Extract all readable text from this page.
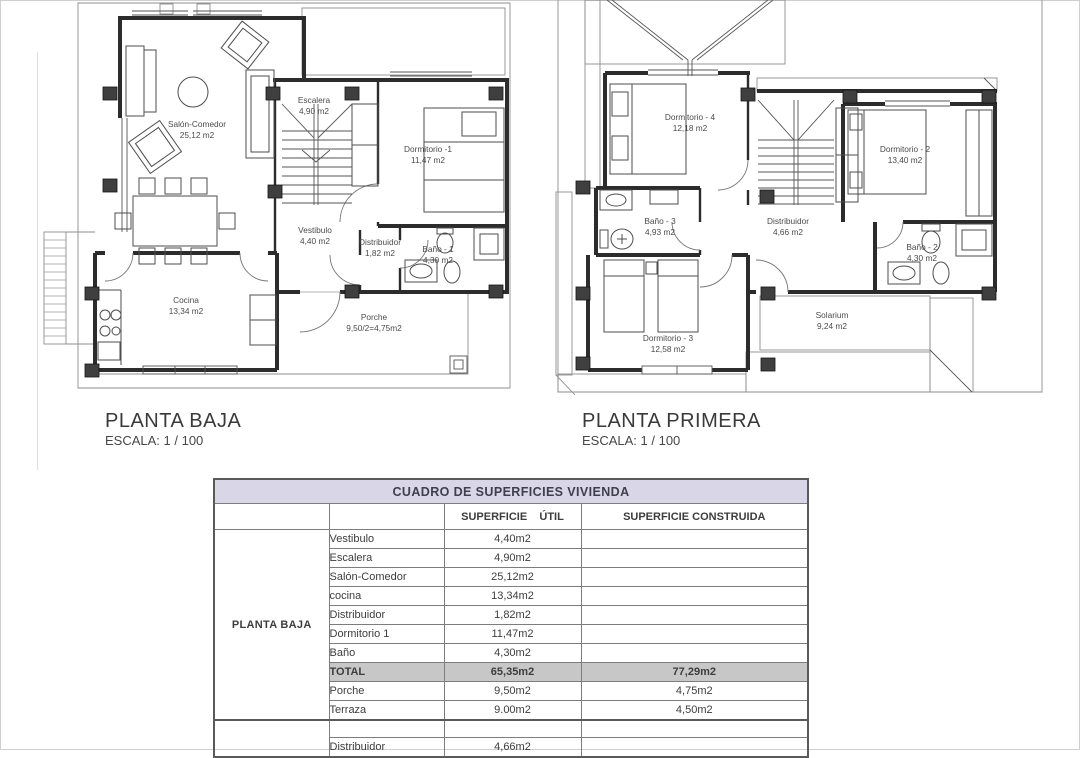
Salón-Comedor
25,12 m2
Escalera
4,90 m2
Dormitorio -1
11,47 m2
Vestibulo
4,40 m2	Distribuidor
1,82 m2	Baño - 1
4,30 m2
Cocina
13,34 m2
Porche
9,50/2=4,75m2
Dormitorio - 4
12,18 m2
Dormitorio - 2
13,40 m2
Baño - 3
4,93 m2
Distribuidor
4,66 m2
Baño - 2
4,30 m2
Dormitorio - 3
12,58 m2
Solarium
9,24 m2
PLANTA BAJA
ESCALA: 1 / 100
PLANTA PRIMERA
ESCALA: 1 / 100
CUADRO DE SUPERFICIES VIVIENDA			
		SUPERFICIE    ÚTIL	SUPERFICIE CONSTRUIDA
PLANTA BAJA	Vestibulo	4,40m2	
	Escalera	4,90m2	
	Salón-Comedor	25,12m2	
	cocina	13,34m2	
	Distribuidor	1,82m2	
	Dormitorio 1	11,47m2	
	Baño	4,30m2	
	TOTAL	65,35m2	77,29m2
	Porche	9,50m2	4,75m2
	Terraza	9.00m2	4,50m2

	Distribuidor	4,66m2	
